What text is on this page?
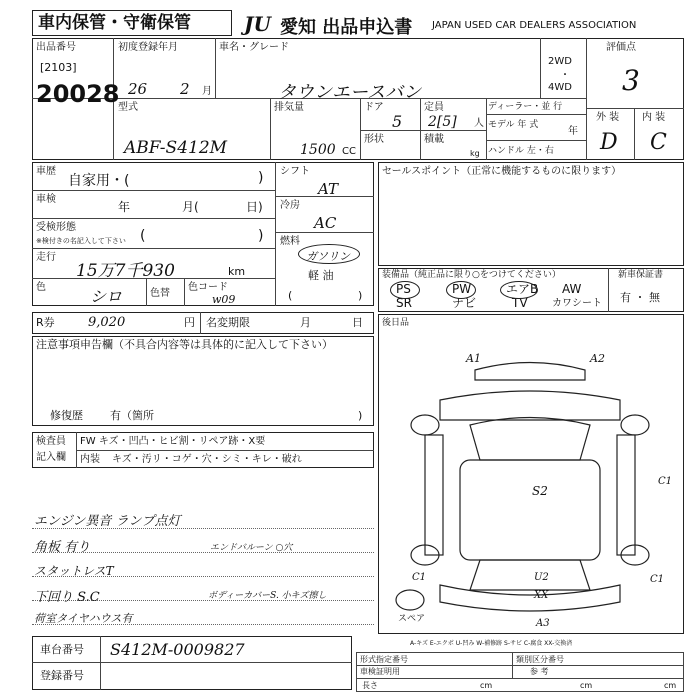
車内保管・守衛保管	JU 愛知 出品申込書 JAPAN USED CAR DEALERS ASSOCIATION
出品番号
[2103]
20028
初度登録年月
26 2 月
車名・グレード
タウンエースバン
2WD
・
4WD
評価点
3
型式
ABF-S412M
排気量
1500 CC
ドア
5
形状
定員
2[5] 人
積載
kg
ディーラー・並 行
モデル 年 式
年
ハンドル 左・右
外 装 内 装
D C
車歴
自家用・(	)
車検
年	月(	日)
受検形態
※検付きの名記入して下さい (	)
走行
15万7千930	km
色	シロ	色替
色コード
w09
シフト
AT
冷房
AC
燃料
ガソリン
軽 油
(	)
セールスポイント（正常に機能するものに限ります）
装備品（純正品に限り○をつけてください）
PS	PW	エアB AW
SR	ナビ	TV カワシート
新車保証書
有 ・ 無
R券	9,020	円 名変期限	月	日 後日品
注意事項申告欄（不具合内容等は具体的に記入して下さい）
修復歴 有（箇所	)
検査員
記入欄
FW キズ・凹凸・ヒビ割・リペア跡・X要
内装 キズ・汚リ・コゲ・穴・シミ・キレ・破れ
エンジン異音 ランプ点灯
角板 有り	エンドバルーン ○穴
スタットレスT
下回り S.C	ボディーカバーS. 小キズ擦し
荷室タイヤハウス有
A1	A2
S2
C1
C1	C1
U2
XX
A3
スペア
A-キズ E-エクボ U-凹み W-補修跡 S-サビ C-腐食 XX-交換済
車台番号 S412M-0009827
登録番号
形式指定番号	類別区分番号
車検証明用	参 考
長さ	cm	cm	cm
